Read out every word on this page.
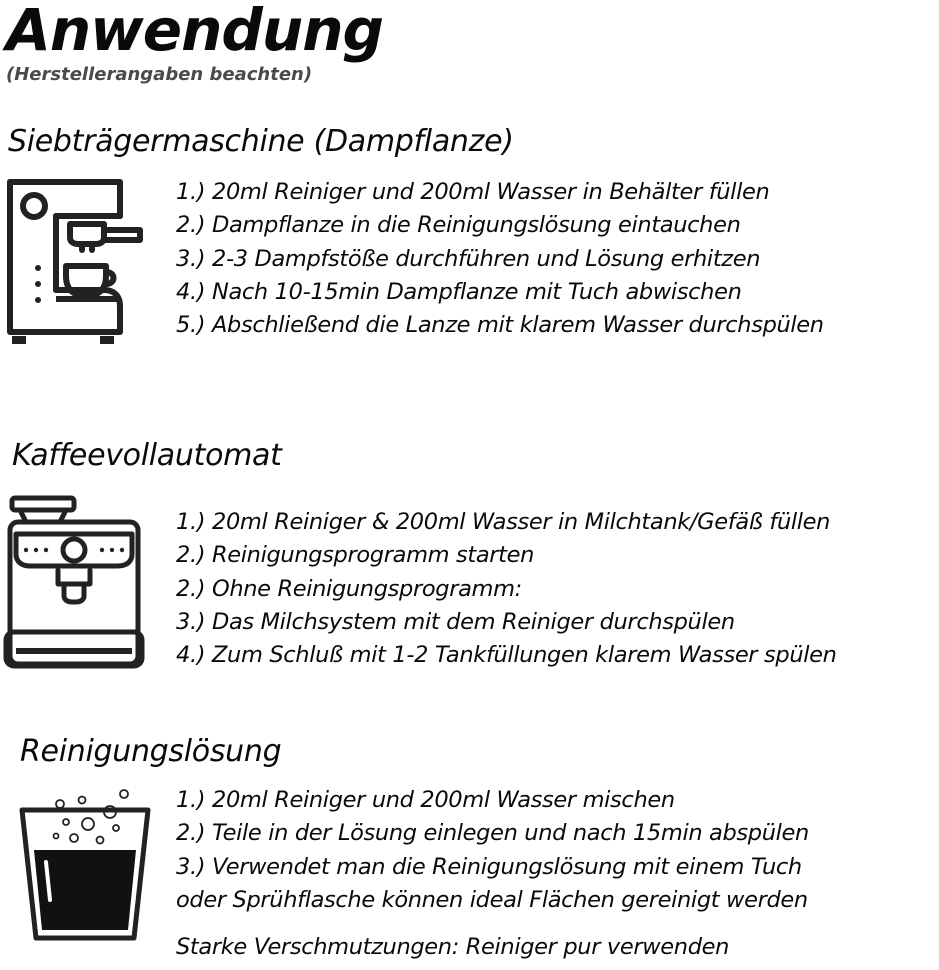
Anwendung
(Herstellerangaben beachten)
Siebträgermaschine (Dampflanze)
1.) 20ml Reiniger und 200ml Wasser in Behälter füllen
2.) Dampflanze in die Reinigungslösung eintauchen
3.) 2-3 Dampfstöße durchführen und Lösung erhitzen
4.) Nach 10-15min Dampflanze mit Tuch abwischen
5.) Abschließend die Lanze mit klarem Wasser durchspülen
Kaffeevollautomat
1.) 20ml Reiniger & 200ml Wasser in Milchtank/Gefäß füllen
2.) Reinigungsprogramm starten
2.) Ohne Reinigungsprogramm:
3.) Das Milchsystem mit dem Reiniger durchspülen
4.) Zum Schluß mit 1-2 Tankfüllungen klarem Wasser spülen
Reinigungslösung
1.) 20ml Reiniger und 200ml Wasser mischen
2.) Teile in der Lösung einlegen und nach 15min abspülen
3.) Verwendet man die Reinigungslösung mit einem Tuch
oder Sprühflasche können ideal Flächen gereinigt werden
Starke Verschmutzungen: Reiniger pur verwenden
